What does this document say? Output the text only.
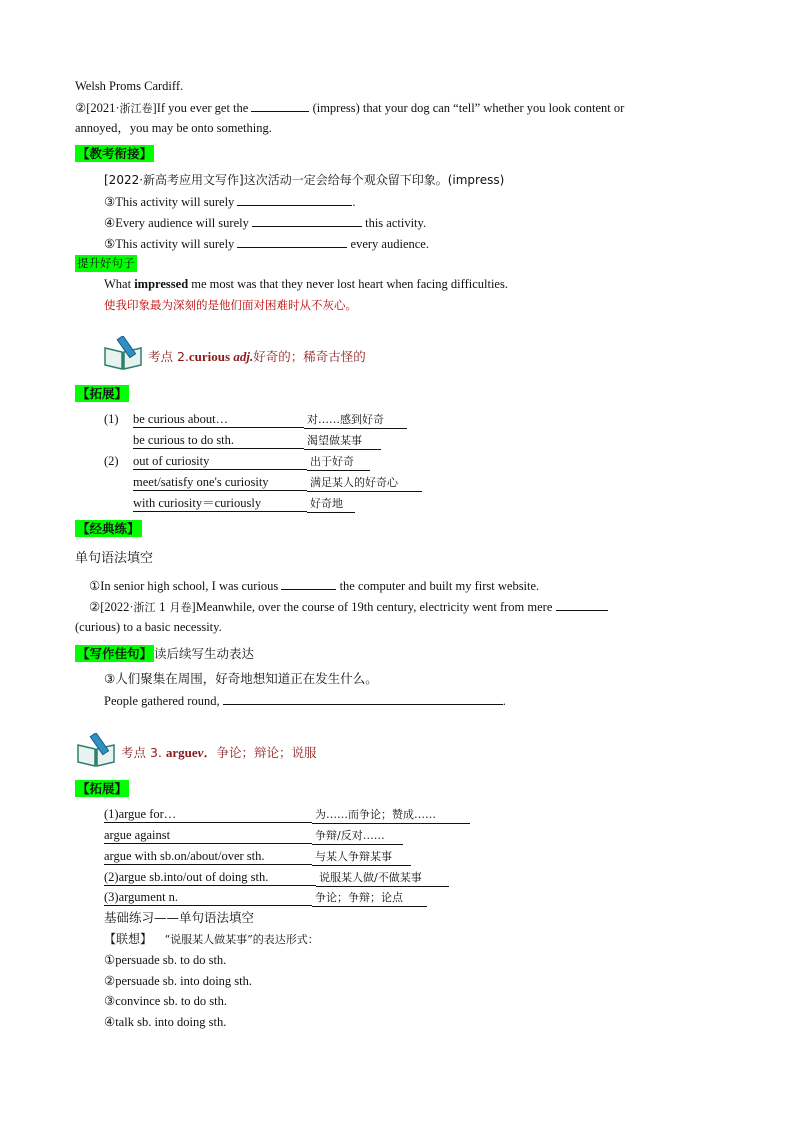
Welsh Proms Cardiff.
②[2021·浙江卷]If you ever get the	(impress) that your dog can “tell” whether you look content or
annoyed，you may be onto something.
【教考衔接】
[2022·新高考应用文写作]这次活动一定会给每个观众留下印象。(impress)
③This activity will surely	.
④Every audience will surely	this activity.
⑤This activity will surely	every audience.
提升好句子
What impressed me most was that they never lost heart when facing difficulties.
使我印象最为深刻的是他们面对困难时从不灰心。
考点 2.curious adj.好奇的；稀奇古怪的
【拓展】
(1) be curious about…	对……感到好奇
be curious to do sth.	渴望做某事
(2) out of curiosity	出于好奇
meet/satisfy one's curiosity	满足某人的好奇心
with curiosity＝curiously	好奇地
【经典练】
单句语法填空
①In senior high school, I was curious	the computer and built my first website.
②[2022·浙江 1 月卷]Meanwhile, over the course of 19th century, electricity went from mere
(curious) to a basic necessity.
【写作佳句】 读后续写生动表达
③人们聚集在周围，好奇地想知道正在发生什么。
People gathered round,	.
考点 3. arguev．争论；辩论；说服
【拓展】
(1)argue for…	为……而争论；赞成……
argue against	争辩/反对……
argue with sb.on/about/over sth.	与某人争辩某事
(2)argue sb.into/out of doing sth.	说服某人做/不做某事
(3)argument n.	争论；争辩；论点
基础练习——单句语法填空
【联想】 “说服某人做某事”的表达形式：
①persuade sb. to do sth.
②persuade sb. into doing sth.
③convince sb. to do sth.
④talk sb. into doing sth.
